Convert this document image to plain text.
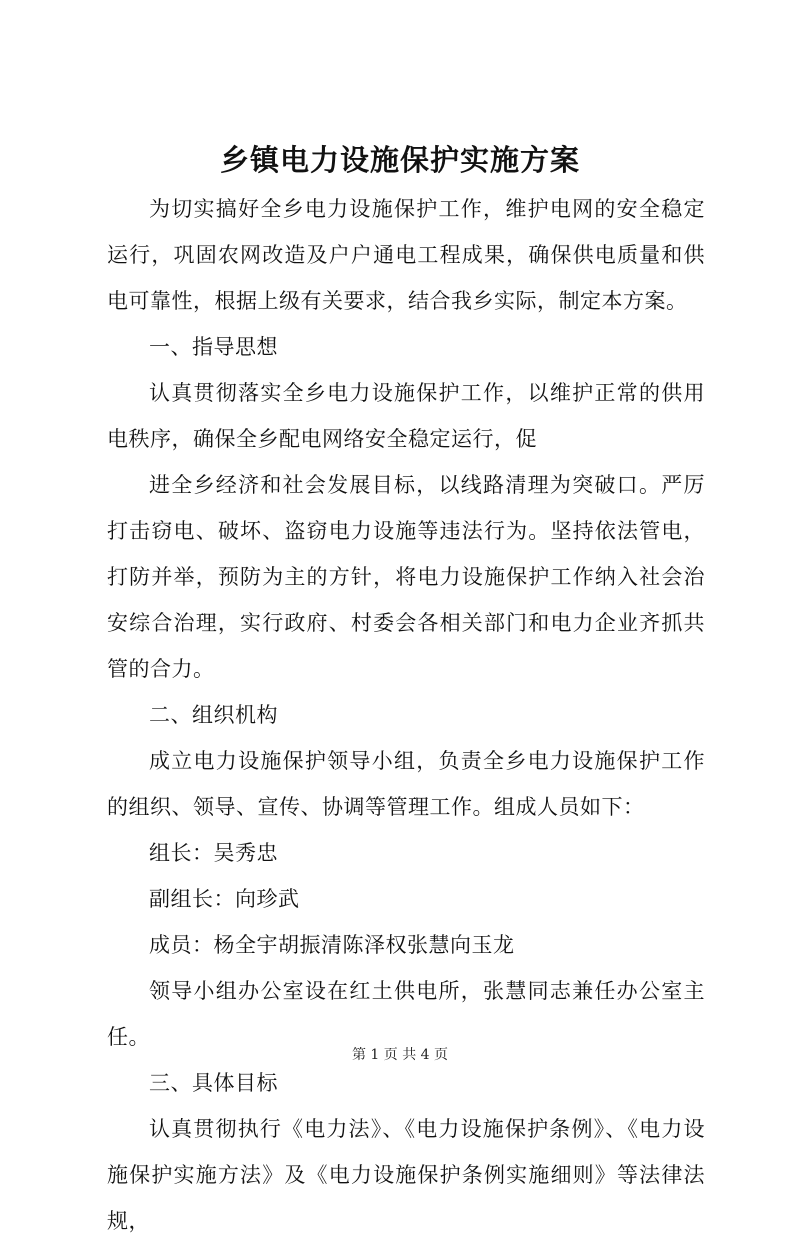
乡镇电力设施保护实施方案

为切实搞好全乡电力设施保护工作，维护电网的安全稳定运行，巩固农网改造及户户通电工程成果，确保供电质量和供电可靠性，根据上级有关要求，结合我乡实际，制定本方案。

一、指导思想

认真贯彻落实全乡电力设施保护工作，以维护正常的供用电秩序，确保全乡配电网络安全稳定运行，促

进全乡经济和社会发展目标，以线路清理为突破口。严厉打击窃电、破坏、盗窃电力设施等违法行为。坚持依法管电，打防并举，预防为主的方针，将电力设施保护工作纳入社会治安综合治理，实行政府、村委会各相关部门和电力企业齐抓共管的合力。

二、组织机构

成立电力设施保护领导小组，负责全乡电力设施保护工作的组织、领导、宣传、协调等管理工作。组成人员如下：

组长：吴秀忠

副组长：向珍武

成员：杨全宇胡振清陈泽权张慧向玉龙

领导小组办公室设在红土供电所，张慧同志兼任办公室主任。

三、具体目标

认真贯彻执行《电力法》、《电力设施保护条例》、《电力设施保护实施方法》及《电力设施保护条例实施细则》等法律法规，

第 1 页 共 4 页
